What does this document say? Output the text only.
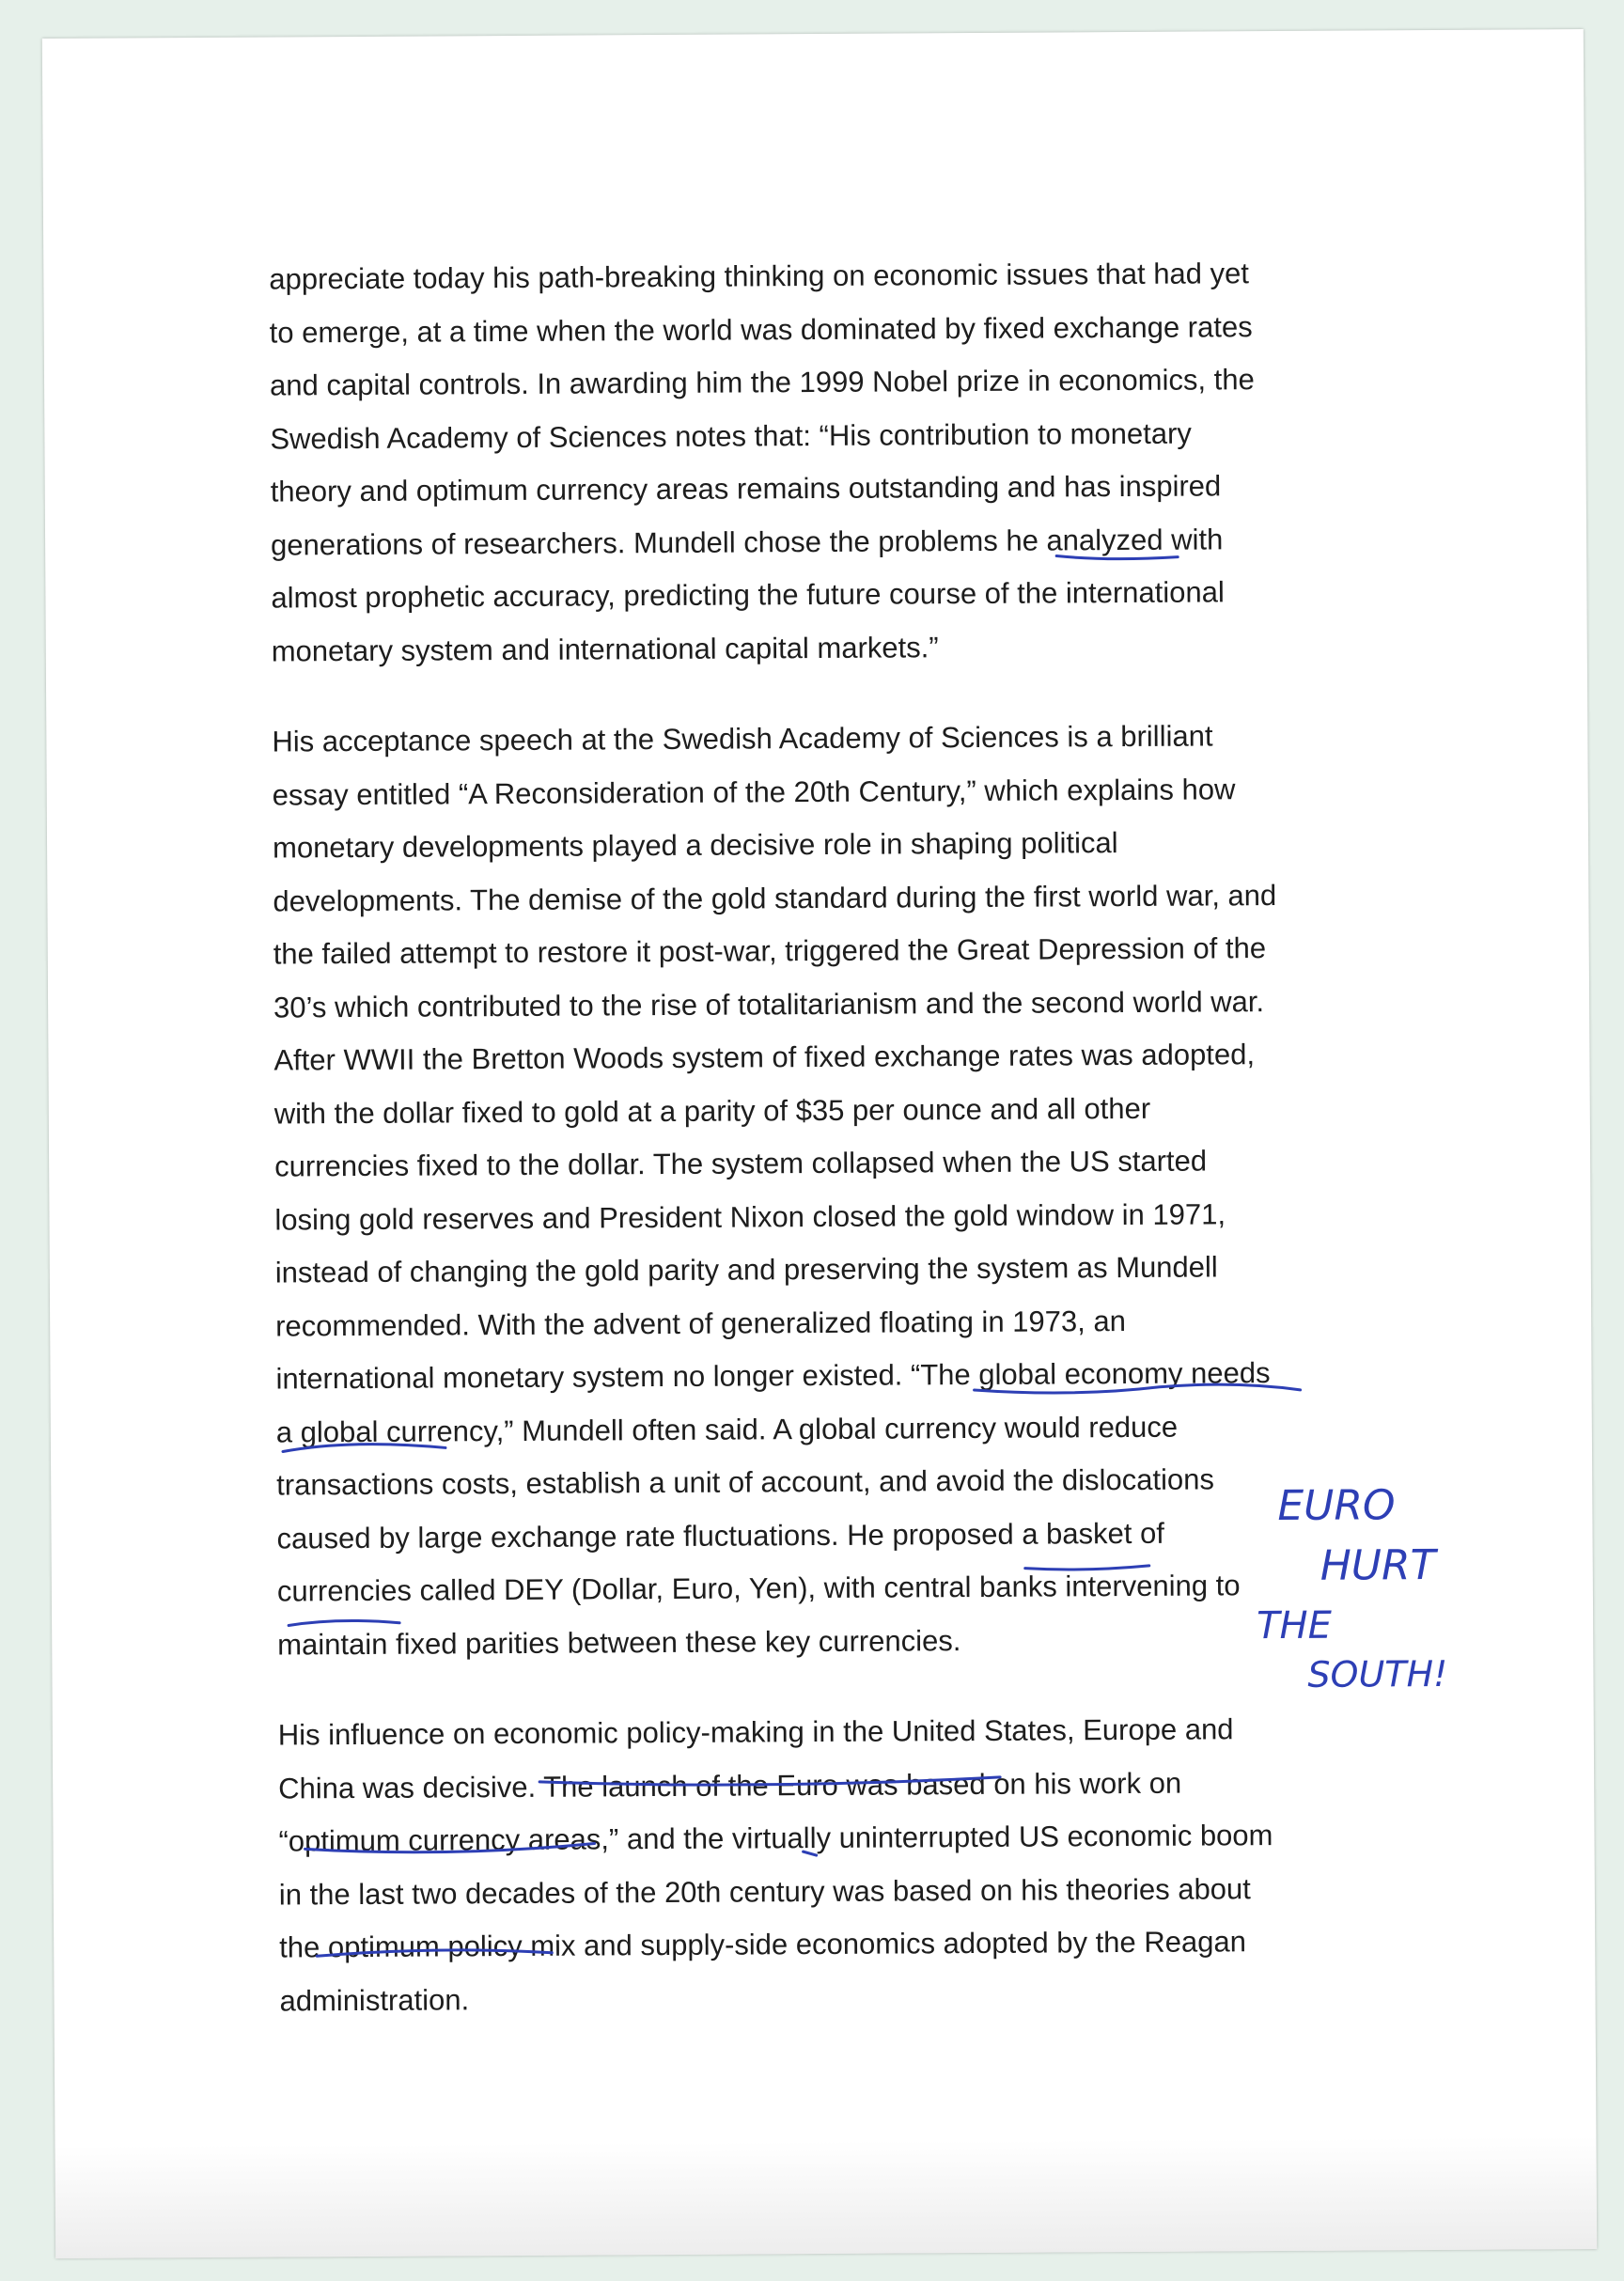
appreciate today his path-breaking thinking on economic issues that had yet
to emerge, at a time when the world was dominated by fixed exchange rates
and capital controls. In awarding him the 1999 Nobel prize in economics, the
Swedish Academy of Sciences notes that: “His contribution to monetary
theory and optimum currency areas remains outstanding and has inspired
generations of researchers. Mundell chose the problems he analyzed with
almost prophetic accuracy, predicting the future course of the international
monetary system and international capital markets.”
His acceptance speech at the Swedish Academy of Sciences is a brilliant
essay entitled “A Reconsideration of the 20th Century,” which explains how
monetary developments played a decisive role in shaping political
developments. The demise of the gold standard during the first world war, and
the failed attempt to restore it post-war, triggered the Great Depression of the
30’s which contributed to the rise of totalitarianism and the second world war.
After WWII the Bretton Woods system of fixed exchange rates was adopted,
with the dollar fixed to gold at a parity of $35 per ounce and all other
currencies fixed to the dollar. The system collapsed when the US started
losing gold reserves and President Nixon closed the gold window in 1971,
instead of changing the gold parity and preserving the system as Mundell
recommended. With the advent of generalized floating in 1973, an
international monetary system no longer existed. “The global economy needs
a global currency,” Mundell often said. A global currency would reduce
transactions costs, establish a unit of account, and avoid the dislocations
caused by large exchange rate fluctuations. He proposed a basket of
currencies called DEY (Dollar, Euro, Yen), with central banks intervening to
maintain fixed parities between these key currencies.
His influence on economic policy-making in the United States, Europe and
China was decisive. The launch of the Euro was based on his work on
“optimum currency areas,” and the virtually uninterrupted US economic boom
in the last two decades of the 20th century was based on his theories about
the optimum policy mix and supply-side economics adopted by the Reagan
administration.
EURO
HURT
THE
SOUTH!
